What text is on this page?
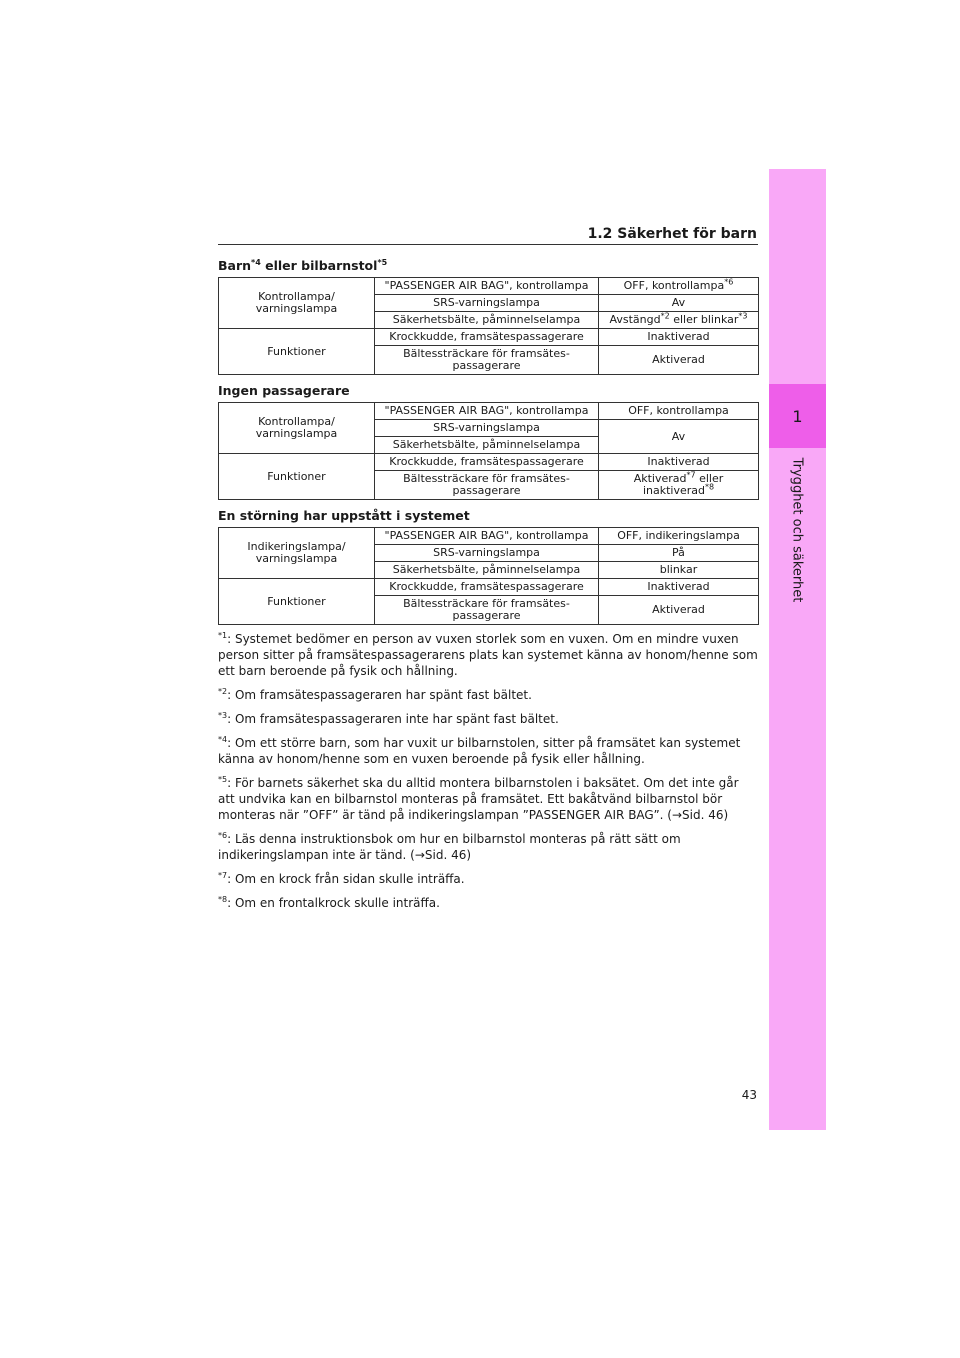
1
Trygghet och säkerhet
1.2 Säkerhet för barn
Barn$^{*4}$ eller bilbarnstol$^{*5}$
Kontrollampa/ varningslampa	"PASSENGER AIR BAG", kontrollampa	OFF, kontrollampa$^{*6}$
	SRS-varningslampa	Av
	Säkerhetsbälte, påminnelselampa	Avstängd$^{*2}$ eller blinkar$^{*3}$
Funktioner	Krockkudde, framsätespassagerare	Inaktiverad
	Bältessträckare för framsätes-passagerare	Aktiverad
Ingen passagerare
Kontrollampa/ varningslampa	"PASSENGER AIR BAG", kontrollampa	OFF, kontrollampa
	SRS-varningslampa	Av
	Säkerhetsbälte, påminnelselampa	
Funktioner	Krockkudde, framsätespassagerare	Inaktiverad
	Bältessträckare för framsätes-passagerare	Aktiverad$^{*7}$ eller inaktiverad$^{*8}$
En störning har uppstått i systemet
Indikeringslampa/ varningslampa	"PASSENGER AIR BAG", kontrollampa	OFF, indikeringslampa
	SRS-varningslampa	På
	Säkerhetsbälte, påminnelselampa	blinkar
Funktioner	Krockkudde, framsätespassagerare	Inaktiverad
	Bältessträckare för framsätes-passagerare	Aktiverad
$^{*1}$: Systemet bedömer en person av vuxen storlek som en vuxen. Om en mindre vuxen person sitter på framsätespassagerarens plats kan systemet känna av honom/henne som ett barn beroende på fysik och hållning.
$^{*2}$: Om framsätespassageraren har spänt fast bältet.
$^{*3}$: Om framsätespassageraren inte har spänt fast bältet.
$^{*4}$: Om ett större barn, som har vuxit ur bilbarnstolen, sitter på framsätet kan systemet känna av honom/henne som en vuxen beroende på fysik eller hållning.
$^{*5}$: För barnets säkerhet ska du alltid montera bilbarnstolen i baksätet. Om det inte går att undvika kan en bilbarnstol monteras på framsätet. Ett bakåtvänd bilbarnstol bör monteras när ”OFF” är tänd på indikeringslampan ”PASSENGER AIR BAG”. (→Sid. 46)
$^{*6}$: Läs denna instruktionsbok om hur en bilbarnstol monteras på rätt sätt om indikeringslampan inte är tänd. (→Sid. 46)
$^{*7}$: Om en krock från sidan skulle inträffa.
$^{*8}$: Om en frontalkrock skulle inträffa.
43
